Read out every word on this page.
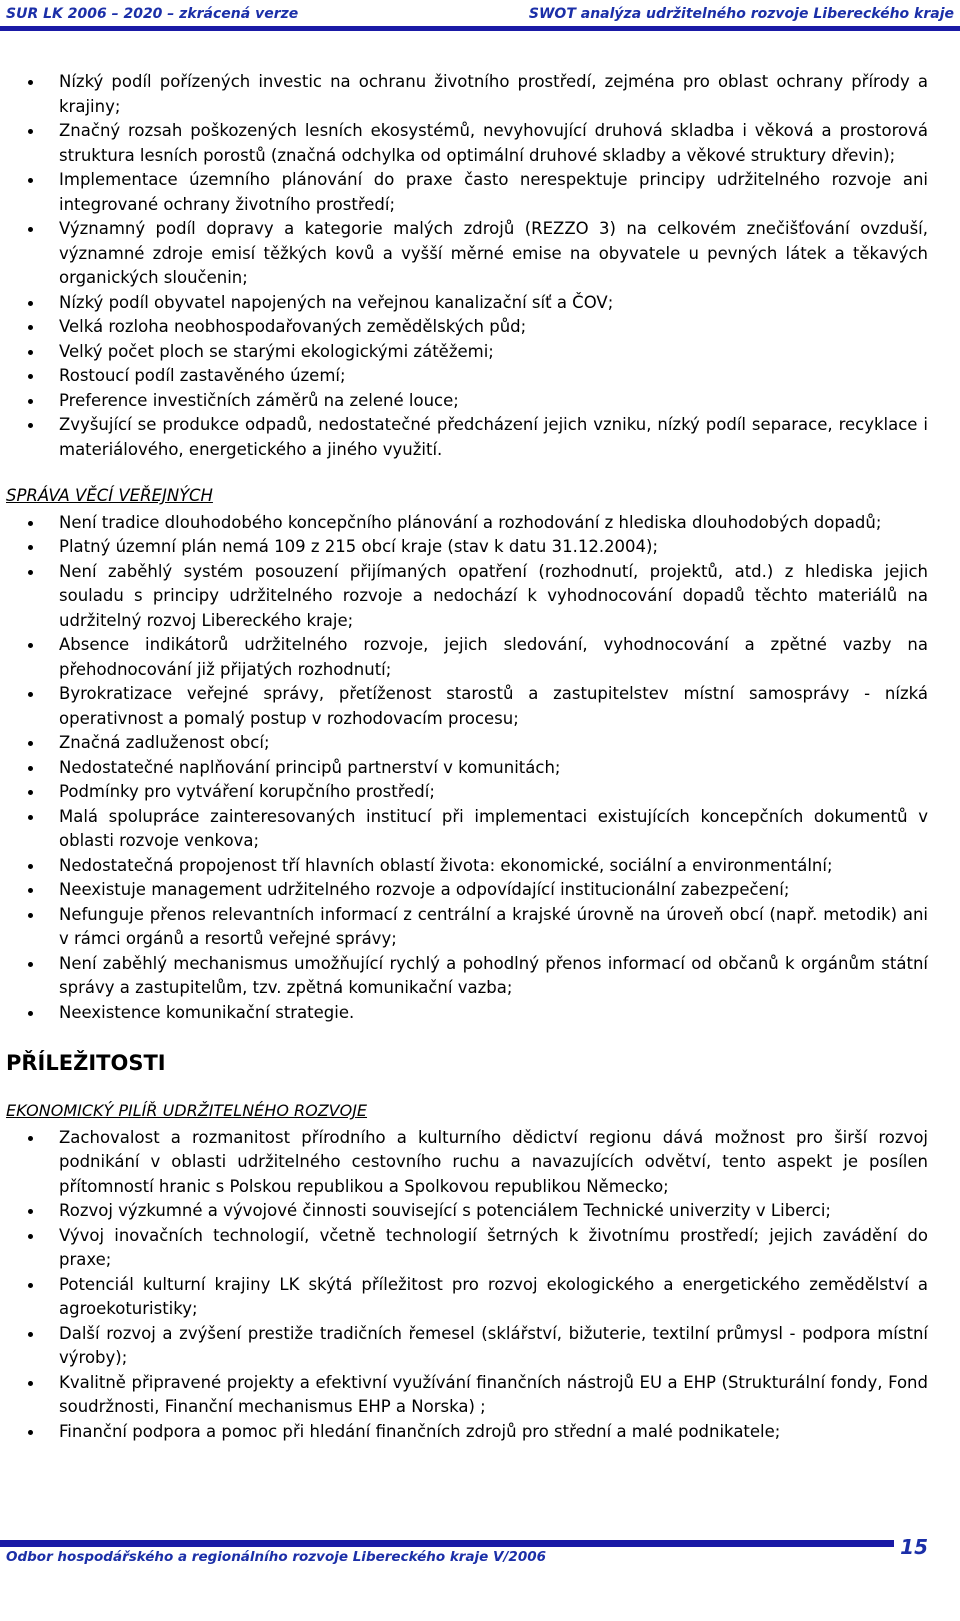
SUR LK 2006 – 2020 – zkrácená verze	SWOT analýza udržitelného rozvoje Libereckého kraje
Nízký podíl pořízených investic na ochranu životního prostředí, zejména pro oblast ochrany přírody a krajiny;
Značný rozsah poškozených lesních ekosystémů, nevyhovující druhová skladba i věková a prostorová struktura lesních porostů (značná odchylka od optimální druhové skladby a věkové struktury dřevin);
Implementace územního plánování do praxe často nerespektuje principy udržitelného rozvoje ani integrované ochrany životního prostředí;
Významný podíl dopravy a kategorie malých zdrojů (REZZO 3) na celkovém znečišťování ovzduší, významné zdroje emisí těžkých kovů a vyšší měrné emise na obyvatele u pevných látek a těkavých organických sloučenin;
Nízký podíl obyvatel napojených na veřejnou kanalizační síť a ČOV;
Velká rozloha neobhospodařovaných zemědělských půd;
Velký počet ploch se starými ekologickými zátěžemi;
Rostoucí podíl zastavěného území;
Preference investičních záměrů na zelené louce;
Zvyšující se produkce odpadů, nedostatečné předcházení jejich vzniku, nízký podíl separace, recyklace i materiálového, energetického a jiného využití.
SPRÁVA VĚCÍ VEŘEJNÝCH
Není tradice dlouhodobého koncepčního plánování a rozhodování z hlediska dlouhodobých dopadů;
Platný územní plán nemá 109 z 215 obcí kraje (stav k datu 31.12.2004);
Není zaběhlý systém posouzení přijímaných opatření (rozhodnutí, projektů, atd.) z hlediska jejich souladu s principy udržitelného rozvoje a nedochází k vyhodnocování dopadů těchto materiálů na udržitelný rozvoj Libereckého kraje;
Absence indikátorů udržitelného rozvoje, jejich sledování, vyhodnocování a zpětné vazby na přehodnocování již přijatých rozhodnutí;
Byrokratizace veřejné správy, přetíženost starostů a zastupitelstev místní samosprávy - nízká operativnost a pomalý postup v rozhodovacím procesu;
Značná zadluženost obcí;
Nedostatečné naplňování principů partnerství v komunitách;
Podmínky pro vytváření korupčního prostředí;
Malá spolupráce zainteresovaných institucí při implementaci existujících koncepčních dokumentů v oblasti rozvoje venkova;
Nedostatečná propojenost tří hlavních oblastí života: ekonomické, sociální a environmentální;
Neexistuje management udržitelného rozvoje a odpovídající institucionální zabezpečení;
Nefunguje přenos relevantních informací z centrální a krajské úrovně na úroveň obcí (např. metodik) ani v rámci orgánů a resortů veřejné správy;
Není zaběhlý mechanismus umožňující rychlý a pohodlný přenos informací od občanů k orgánům státní správy a zastupitelům, tzv. zpětná komunikační vazba;
Neexistence komunikační strategie.
PŘÍLEŽITOSTI
EKONOMICKÝ PILÍŘ UDRŽITELNÉHO ROZVOJE
Zachovalost a rozmanitost přírodního a kulturního dědictví regionu dává možnost pro širší rozvoj podnikání v oblasti udržitelného cestovního ruchu a navazujících odvětví, tento aspekt je posílen přítomností hranic s Polskou republikou a Spolkovou republikou Německo;
Rozvoj výzkumné a vývojové činnosti související s potenciálem Technické univerzity v Liberci;
Vývoj inovačních technologií, včetně technologií šetrných k životnímu prostředí; jejich zavádění do praxe;
Potenciál kulturní krajiny LK skýtá příležitost pro rozvoj ekologického a energetického zemědělství a agroekoturistiky;
Další rozvoj a zvýšení prestiže tradičních řemesel (sklářství, bižuterie, textilní průmysl - podpora místní výroby);
Kvalitně připravené projekty a efektivní využívání finančních nástrojů EU a EHP (Strukturální fondy, Fond soudržnosti, Finanční mechanismus EHP a Norska) ;
Finanční podpora a pomoc při hledání finančních zdrojů pro střední a malé podnikatele;
Odbor hospodářského a regionálního rozvoje Libereckého kraje V/2006	15
